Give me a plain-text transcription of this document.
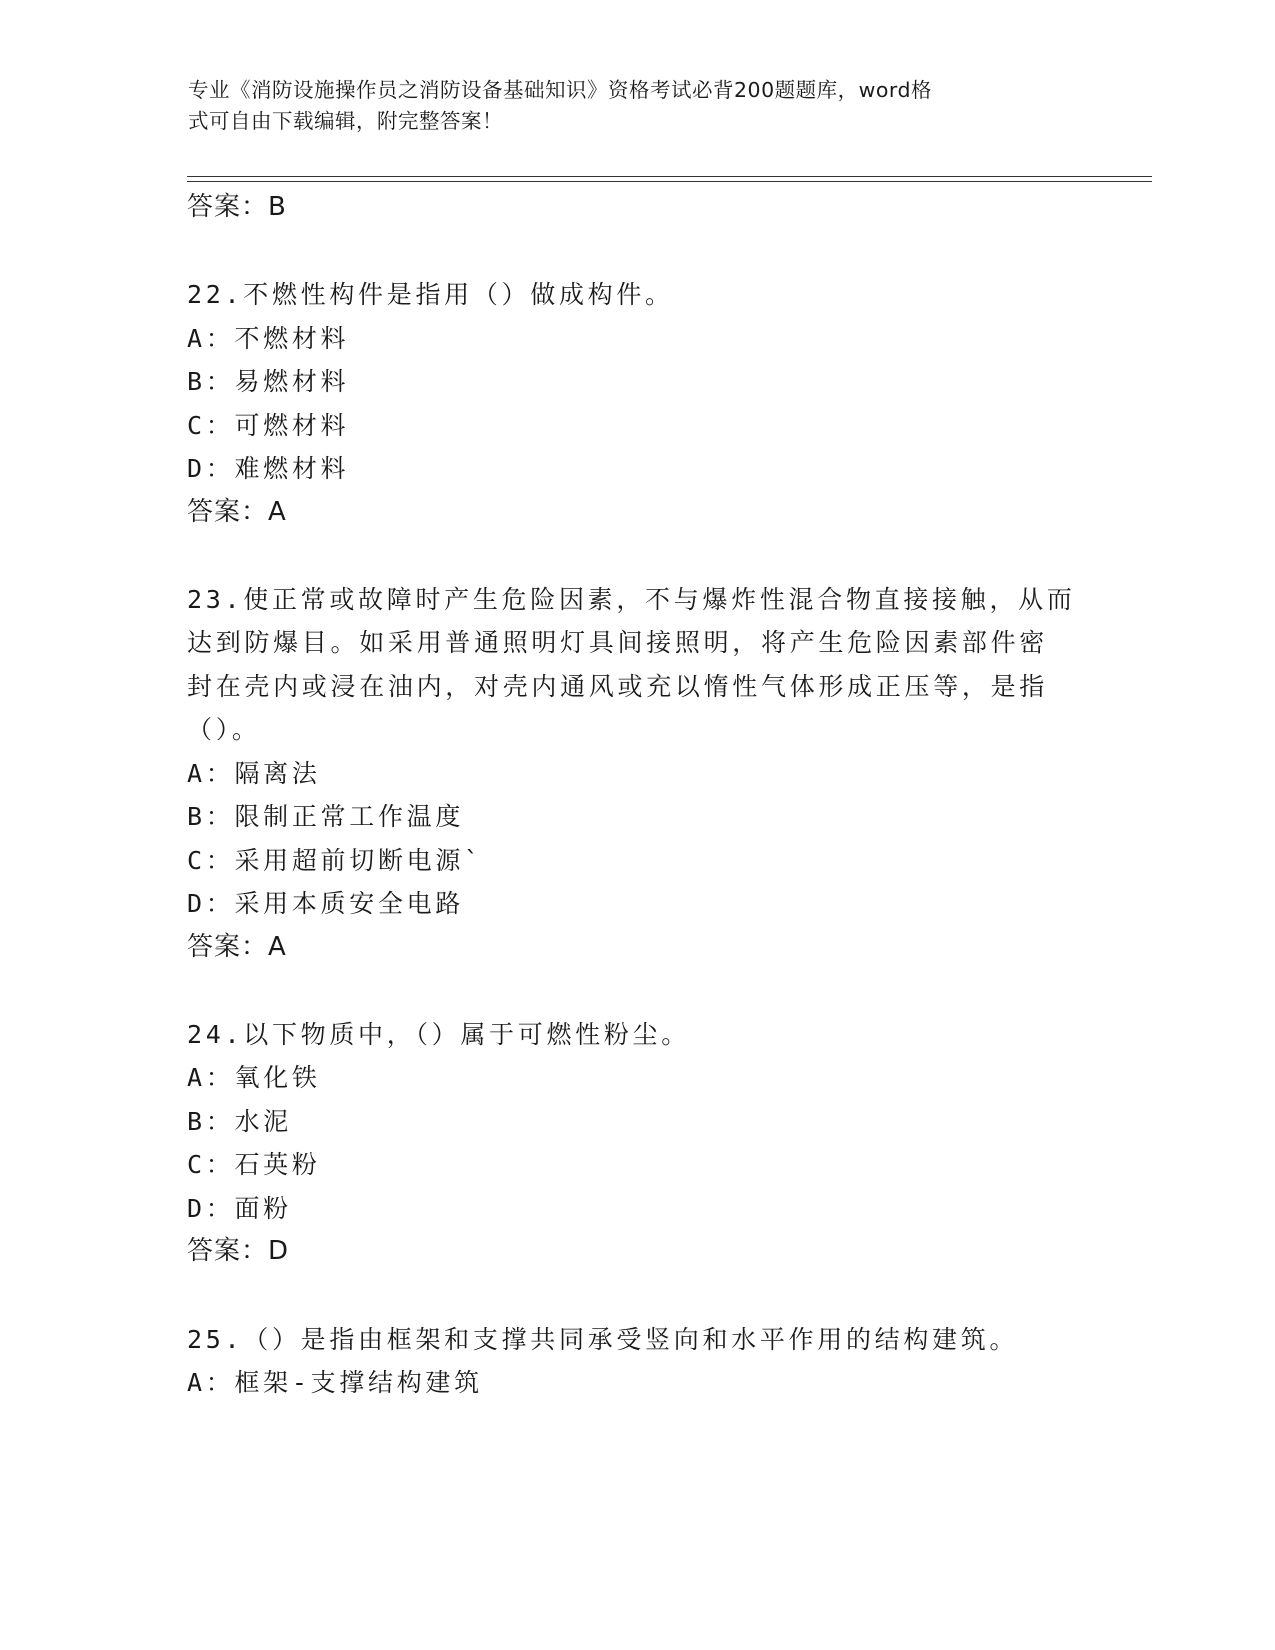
专业《消防设施操作员之消防设备基础知识》资格考试必背200题题库，word格
式可自由下载编辑，附完整答案！
答案：B
22.不燃性构件是指用（）做成构件。
A：不燃材料
B：易燃材料
C：可燃材料
D：难燃材料
答案：A
23.使正常或故障时产生危险因素，不与爆炸性混合物直接接触，从而
达到防爆目。如采用普通照明灯具间接照明，将产生危险因素部件密
封在壳内或浸在油内，对壳内通风或充以惰性气体形成正压等，是指
（）。
A：隔离法
B：限制正常工作温度
C：采用超前切断电源`
D：采用本质安全电路
答案：A
24.以下物质中，（）属于可燃性粉尘。
A：氧化铁
B：水泥
C：石英粉
D：面粉
答案：D
25.（）是指由框架和支撑共同承受竖向和水平作用的结构建筑。
A：框架-支撑结构建筑
